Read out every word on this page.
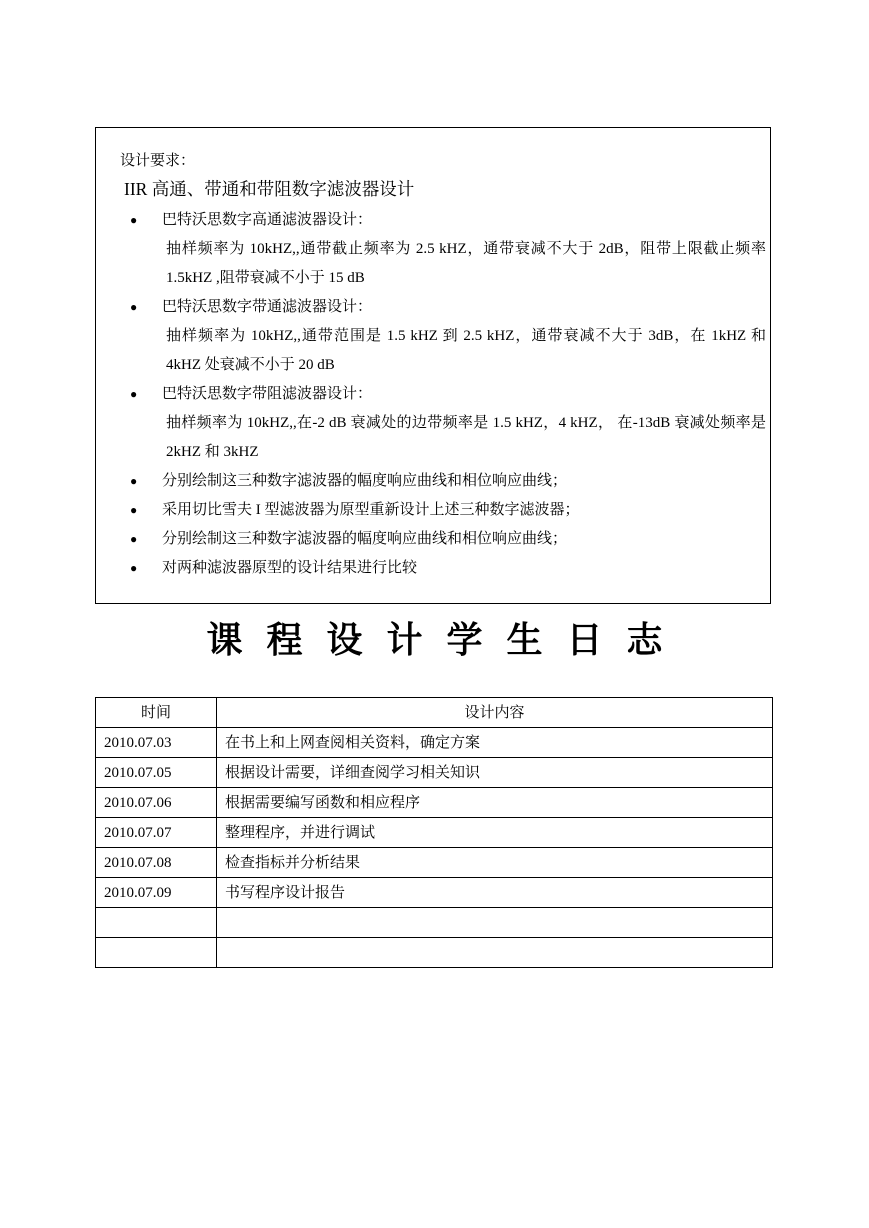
设计要求：
IIR 高通、带通和带阻数字滤波器设计
● 巴特沃思数字高通滤波器设计：
抽样频率为 10kHZ,,通带截止频率为 2.5 kHZ，通带衰减不大于 2dB，阻带上限截止频率 1.5kHZ ,阻带衰减不小于 15 dB
● 巴特沃思数字带通滤波器设计：
抽样频率为 10kHZ,,通带范围是 1.5 kHZ 到 2.5 kHZ，通带衰减不大于 3dB，在 1kHZ 和 4kHZ 处衰减不小于 20 dB
● 巴特沃思数字带阻滤波器设计：
抽样频率为 10kHZ,,在-2 dB 衰减处的边带频率是 1.5 kHZ，4 kHZ， 在-13dB 衰减处频率是 2kHZ 和 3kHZ
● 分别绘制这三种数字滤波器的幅度响应曲线和相位响应曲线；
● 采用切比雪夫 I 型滤波器为原型重新设计上述三种数字滤波器；
● 分别绘制这三种数字滤波器的幅度响应曲线和相位响应曲线；
● 对两种滤波器原型的设计结果进行比较
课程设计学生日志
时间	设计内容
2010.07.03	在书上和上网查阅相关资料，确定方案
2010.07.05	根据设计需要，详细查阅学习相关知识
2010.07.06	根据需要编写函数和相应程序
2010.07.07	整理程序，并进行调试
2010.07.08	检查指标并分析结果
2010.07.09	书写程序设计报告
